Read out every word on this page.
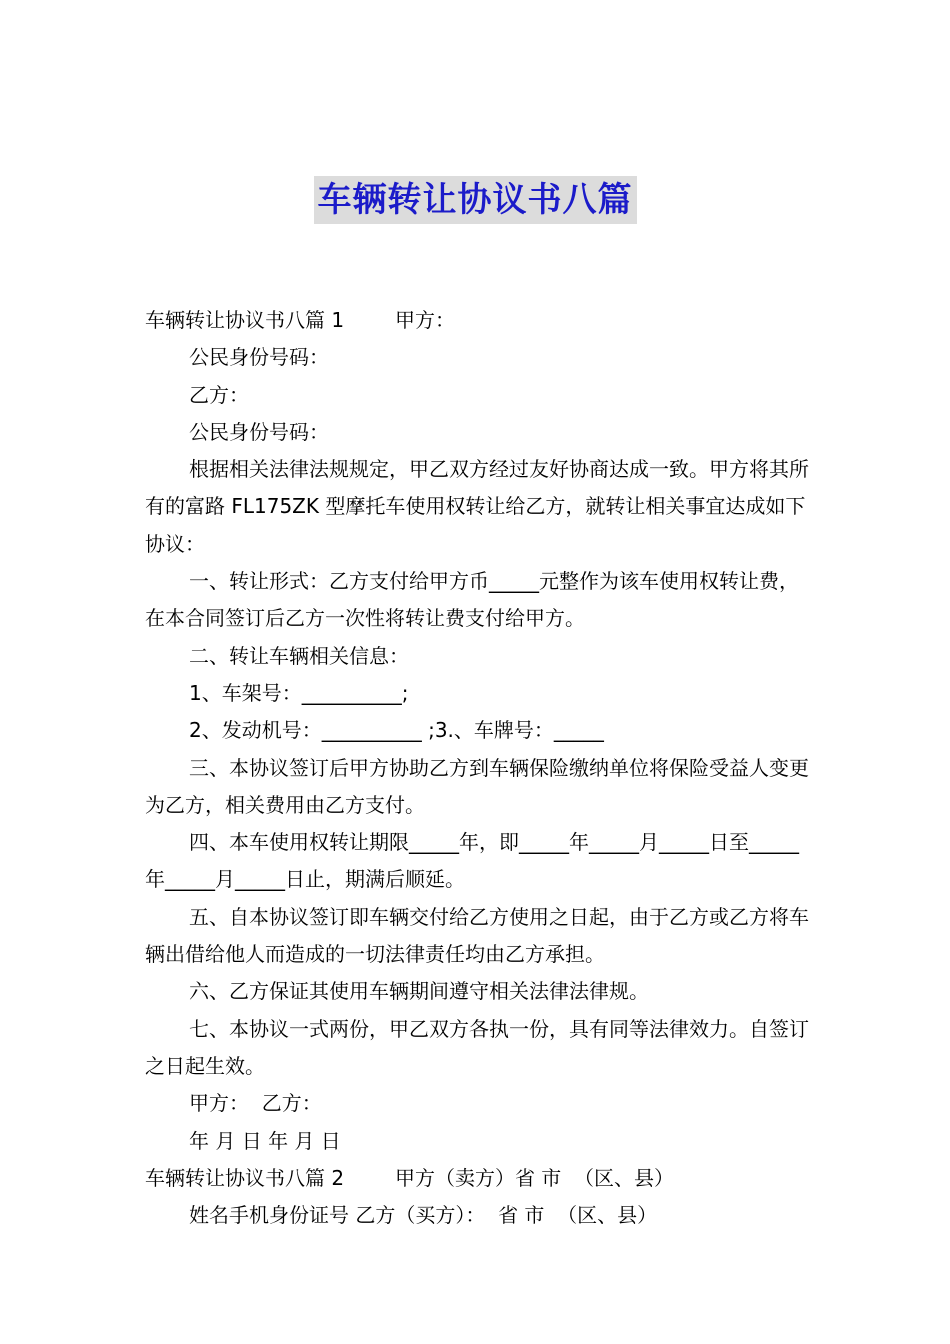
车辆转让协议书八篇

车辆转让协议书八篇 1        甲方：

公民身份号码：

乙方：

公民身份号码：

根据相关法律法规规定，甲乙双方经过友好协商达成一致。甲方将其所有的富路 FL175ZK 型摩托车使用权转让给乙方，就转让相关事宜达成如下协议：

一、转让形式：乙方支付给甲方币_____元整作为该车使用权转让费，在本合同签订后乙方一次性将转让费支付给甲方。

二、转让车辆相关信息：

1、车架号：__________;

2、发动机号：__________ ;3.、车牌号：_____

三、本协议签订后甲方协助乙方到车辆保险缴纳单位将保险受益人变更为乙方，相关费用由乙方支付。

四、本车使用权转让期限_____年，即_____年_____月_____日至_____年_____月_____日止，期满后顺延。

五、自本协议签订即车辆交付给乙方使用之日起，由于乙方或乙方将车辆出借给他人而造成的一切法律责任均由乙方承担。

六、乙方保证其使用车辆期间遵守相关法律法律规。

七、本协议一式两份，甲乙双方各执一份，具有同等法律效力。自签订之日起生效。

甲方：  乙方：

年 月 日 年 月 日

车辆转让协议书八篇 2        甲方（卖方）省 市  （区、县）

姓名手机身份证号 乙方（买方）：  省 市  （区、县）
